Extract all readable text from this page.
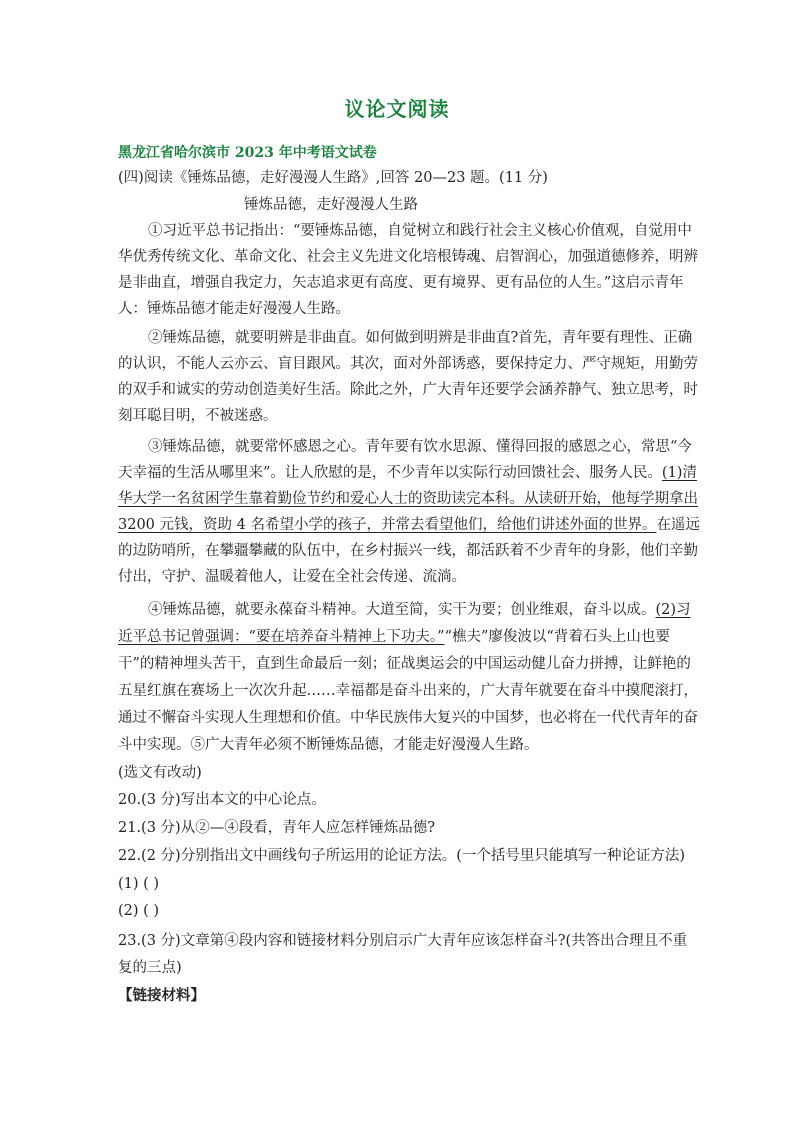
议论文阅读
黑龙江省哈尔滨市 2023 年中考语文试卷
(四)阅读《锤炼品德，走好漫漫人生路》,回答 20—23 题。(11 分)
锤炼品德，走好漫漫人生路
①习近平总书记指出：“要锤炼品德，自觉树立和践行社会主义核心价值观，自觉用中
华优秀传统文化、革命文化、社会主义先进文化培根铸魂、启智润心，加强道德修养，明辨
是非曲直，增强自我定力，矢志追求更有高度、更有境界、更有品位的人生。”这启示青年
人：锤炼品德才能走好漫漫人生路。
②锤炼品德，就要明辨是非曲直。如何做到明辨是非曲直?首先，青年要有理性、正确
的认识，不能人云亦云、盲目跟风。其次，面对外部诱惑，要保持定力、严守规矩，用勤劳
的双手和诚实的劳动创造美好生活。除此之外，广大青年还要学会涵养静气、独立思考，时
刻耳聪目明，不被迷惑。
③锤炼品德，就要常怀感恩之心。青年要有饮水思源、懂得回报的感恩之心，常思“今
天幸福的生活从哪里来”。让人欣慰的是，不少青年以实际行动回馈社会、服务人民。(1)清
华大学一名贫困学生靠着勤俭节约和爱心人士的资助读完本科。从读研开始，他每学期拿出
3200 元钱，资助 4 名希望小学的孩子，并常去看望他们，给他们讲述外面的世界。在遥远
的边防哨所，在攀疆攀藏的队伍中，在乡村振兴一线，都活跃着不少青年的身影，他们辛勤
付出，守护、温暖着他人，让爱在全社会传递、流淌。
④锤炼品德，就要永葆奋斗精神。大道至简，实干为要；创业维艰，奋斗以成。(2)习
近平总书记曾强调：“要在培养奋斗精神上下功夫。”“樵夫”廖俊波以“背着石头上山也要
干”的精神埋头苦干，直到生命最后一刻；征战奥运会的中国运动健儿奋力拼搏，让鲜艳的
五星红旗在赛场上一次次升起……幸福都是奋斗出来的，广大青年就要在奋斗中摸爬滚打，
通过不懈奋斗实现人生理想和价值。中华民族伟大复兴的中国梦，也必将在一代代青年的奋
斗中实现。⑤广大青年必须不断锤炼品德，才能走好漫漫人生路。
(选文有改动)
20.(3 分)写出本文的中心论点。
21.(3 分)从②—④段看，青年人应怎样锤炼品德?
22.(2 分)分别指出文中画线句子所运用的论证方法。(一个括号里只能填写一种论证方法)
(1) ( )
(2) ( )
23.(3 分)文章第④段内容和链接材料分别启示广大青年应该怎样奋斗?(共答出合理且不重
复的三点)
【链接材料】
